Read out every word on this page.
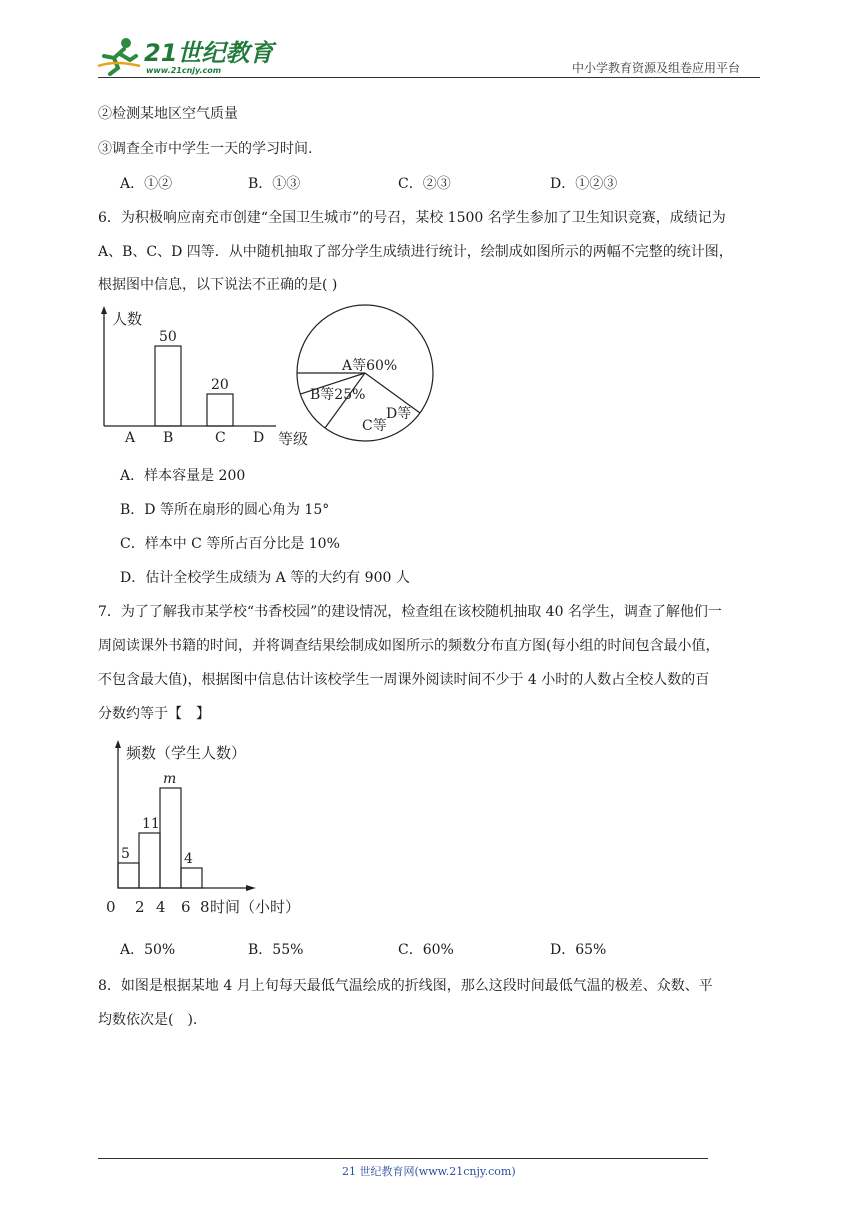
21世纪教育
www.21cnjy.com	中小学教育资源及组卷应用平台
②检测某地区空气质量
③调查全市中学生一天的学习时间.
A．①②	B．①③	C．②③	D．①②③
6．为积极响应南充市创建“全国卫生城市”的号召，某校 1500 名学生参加了卫生知识竞赛，成绩记为
A、B、C、D 四等．从中随机抽取了部分学生成绩进行统计，绘制成如图所示的两幅不完整的统计图，
根据图中信息，以下说法不正确的是( )
人数
等级
A B
50
C
20
D
A等60%
B等25%
C等
D等
A．样本容量是 200
B．D 等所在扇形的圆心角为 15°
C．样本中 C 等所占百分比是 10%
D．估计全校学生成绩为 A 等的大约有 900 人
7．为了了解我市某学校“书香校园”的建设情况，检查组在该校随机抽取 40 名学生，调查了解他们一
周阅读课外书籍的时间，并将调查结果绘制成如图所示的频数分布直方图(每小组的时间包含最小值，
不包含最大值)，根据图中信息估计该校学生一周课外阅读时间不少于 4 小时的人数占全校人数的百
分数约等于【　】
频数（学生人数）
时间（小时）
5
11
m
4
0 2 4 6 8
A．50%	B．55%	C．60%	D．65%
8．如图是根据某地 4 月上旬每天最低气温绘成的折线图，那么这段时间最低气温的极差、众数、平
均数依次是(　).
21 世纪教育网(www.21cnjy.com)
